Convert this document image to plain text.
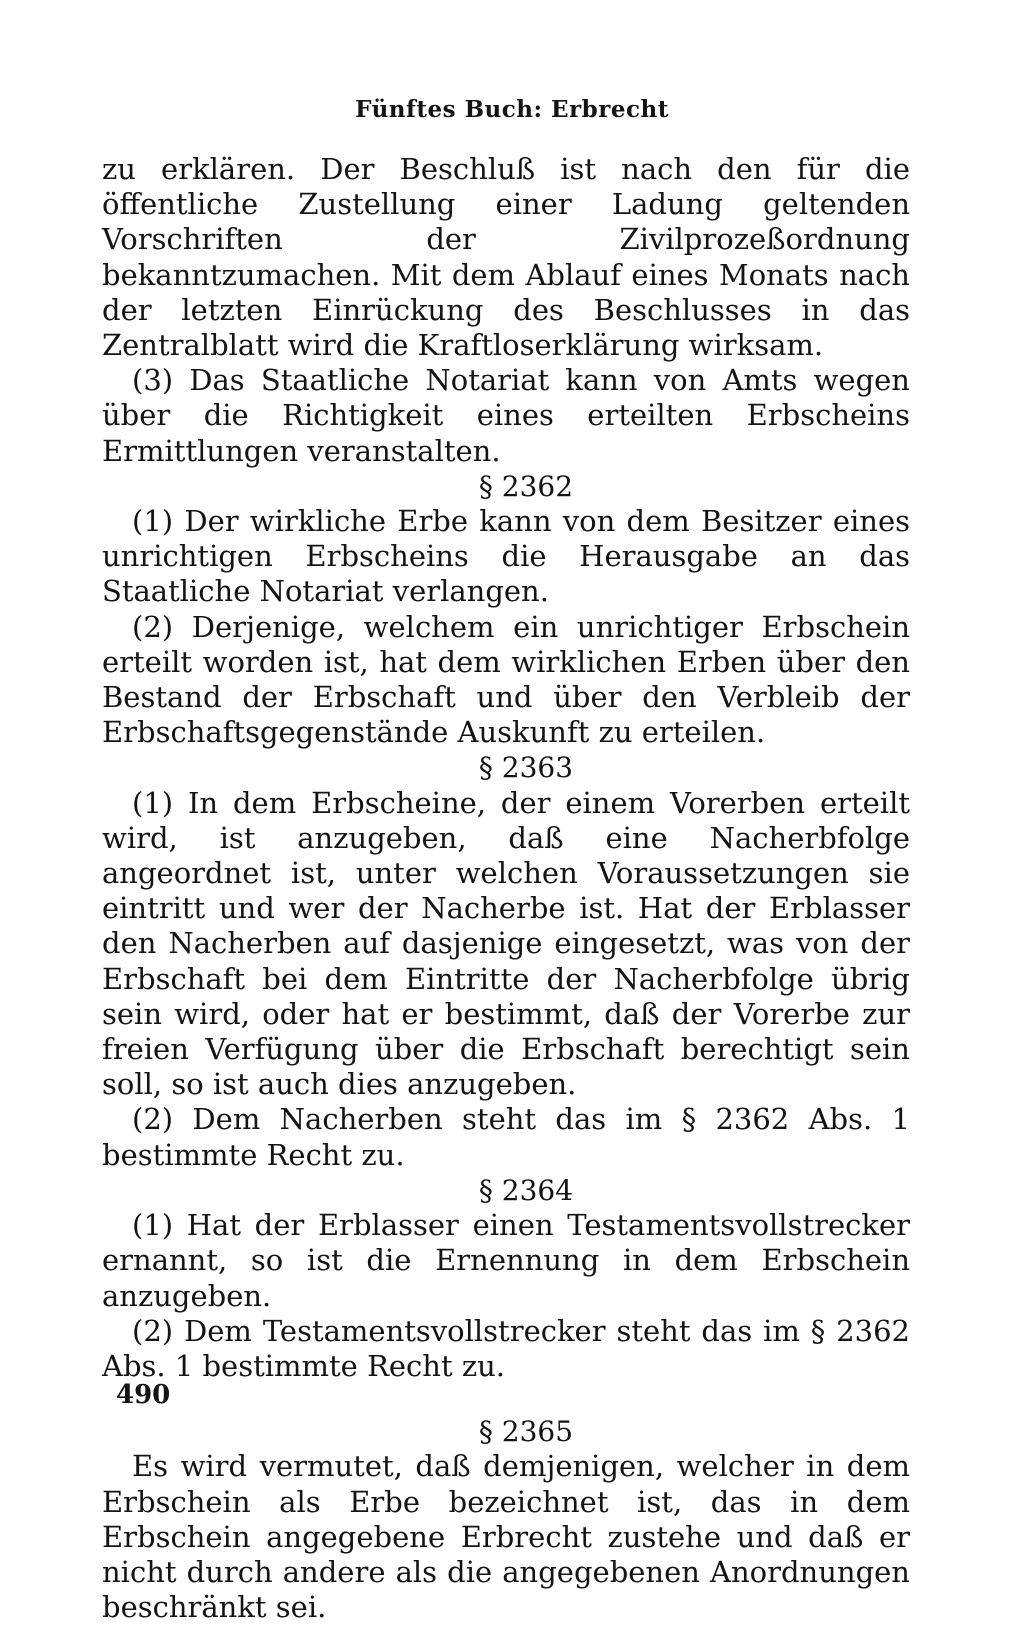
Fünftes Buch: Erbrecht

zu erklären. Der Beschluß ist nach den für die öffentliche Zustellung einer Ladung geltenden Vorschriften der Zivilprozeßordnung bekanntzumachen. Mit dem Ablauf eines Monats nach der letzten Einrückung des Beschlusses in das Zentralblatt wird die Kraftloserklärung wirksam.

(3) Das Staatliche Notariat kann von Amts wegen über die Richtigkeit eines erteilten Erbscheins Ermittlungen veranstalten.

§ 2362

(1) Der wirkliche Erbe kann von dem Besitzer eines unrichtigen Erbscheins die Herausgabe an das Staatliche Notariat verlangen.

(2) Derjenige, welchem ein unrichtiger Erbschein erteilt worden ist, hat dem wirklichen Erben über den Bestand der Erbschaft und über den Verbleib der Erbschaftsgegenstände Auskunft zu erteilen.

§ 2363

(1) In dem Erbscheine, der einem Vorerben erteilt wird, ist anzugeben, daß eine Nacherbfolge angeordnet ist, unter welchen Voraussetzungen sie eintritt und wer der Nacherbe ist. Hat der Erblasser den Nacherben auf dasjenige eingesetzt, was von der Erbschaft bei dem Eintritte der Nacherbfolge übrig sein wird, oder hat er bestimmt, daß der Vorerbe zur freien Verfügung über die Erbschaft berechtigt sein soll, so ist auch dies anzugeben.

(2) Dem Nacherben steht das im § 2362 Abs. 1 bestimmte Recht zu.

§ 2364

(1) Hat der Erblasser einen Testamentsvollstrecker ernannt, so ist die Ernennung in dem Erbschein anzugeben.

(2) Dem Testamentsvollstrecker steht das im § 2362 Abs. 1 bestimmte Recht zu.

§ 2365

Es wird vermutet, daß demjenigen, welcher in dem Erbschein als Erbe bezeichnet ist, das in dem Erbschein angegebene Erbrecht zustehe und daß er nicht durch andere als die angegebenen Anordnungen beschränkt sei.

490
